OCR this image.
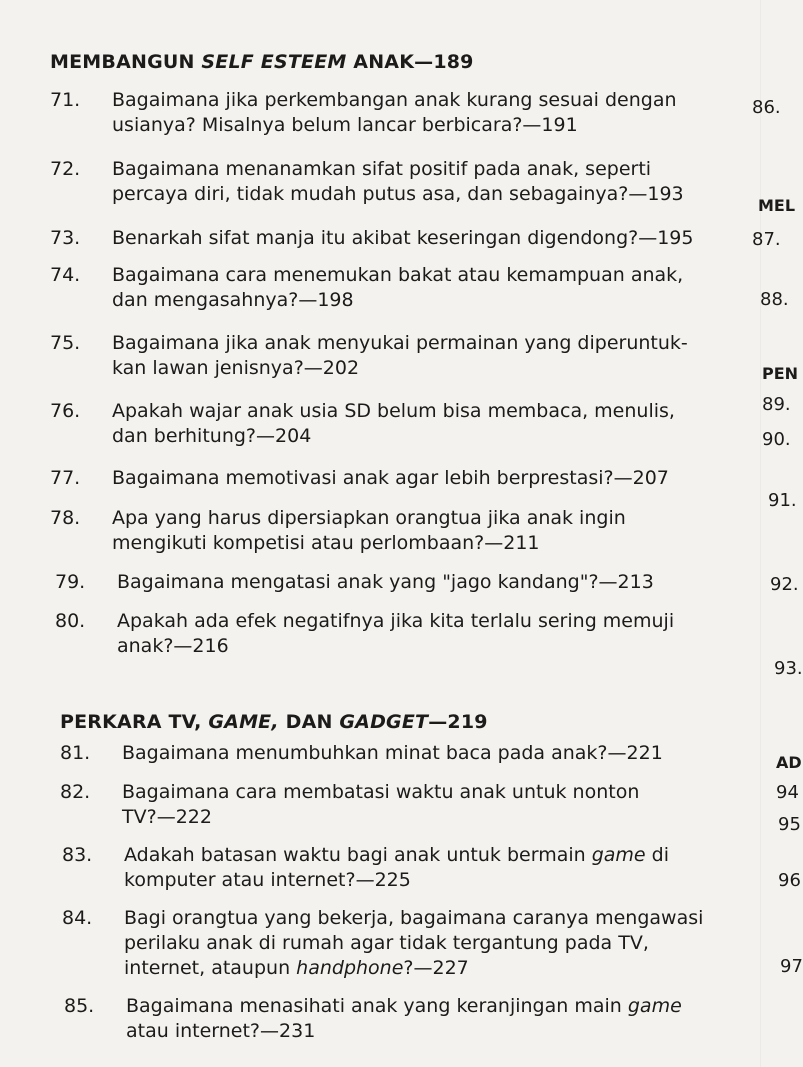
MEMBANGUN SELF ESTEEM ANAK—189
71.	Bagaimana jika perkembangan anak kurang sesuai dengan
usianya? Misalnya belum lancar berbicara?—191
72.	Bagaimana menanamkan sifat positif pada anak, seperti
percaya diri, tidak mudah putus asa, dan sebagainya?—193
73.	Benarkah sifat manja itu akibat keseringan digendong?—195
74.	Bagaimana cara menemukan bakat atau kemampuan anak,
dan mengasahnya?—198
75.	Bagaimana jika anak menyukai permainan yang diperuntuk-
kan lawan jenisnya?—202
76.	Apakah wajar anak usia SD belum bisa membaca, menulis,
dan berhitung?—204
77.	Bagaimana memotivasi anak agar lebih berprestasi?—207
78.	Apa yang harus dipersiapkan orangtua jika anak ingin
mengikuti kompetisi atau perlombaan?—211
79.	Bagaimana mengatasi anak yang "jago kandang"?—213
80.	Apakah ada efek negatifnya jika kita terlalu sering memuji
anak?—216
PERKARA TV, GAME, DAN GADGET—219
81.	Bagaimana menumbuhkan minat baca pada anak?—221
82.	Bagaimana cara membatasi waktu anak untuk nonton
TV?—222
83.	Adakah batasan waktu bagi anak untuk bermain game di
komputer atau internet?—225
84.	Bagi orangtua yang bekerja, bagaimana caranya mengawasi
perilaku anak di rumah agar tidak tergantung pada TV,
internet, ataupun handphone?—227
85.	Bagaimana menasihati anak yang keranjingan main game
atau internet?—231
86.
MEL
87.
88.
PEN
89.
90.
91.
92.
93.
AD
94
95
96
97
